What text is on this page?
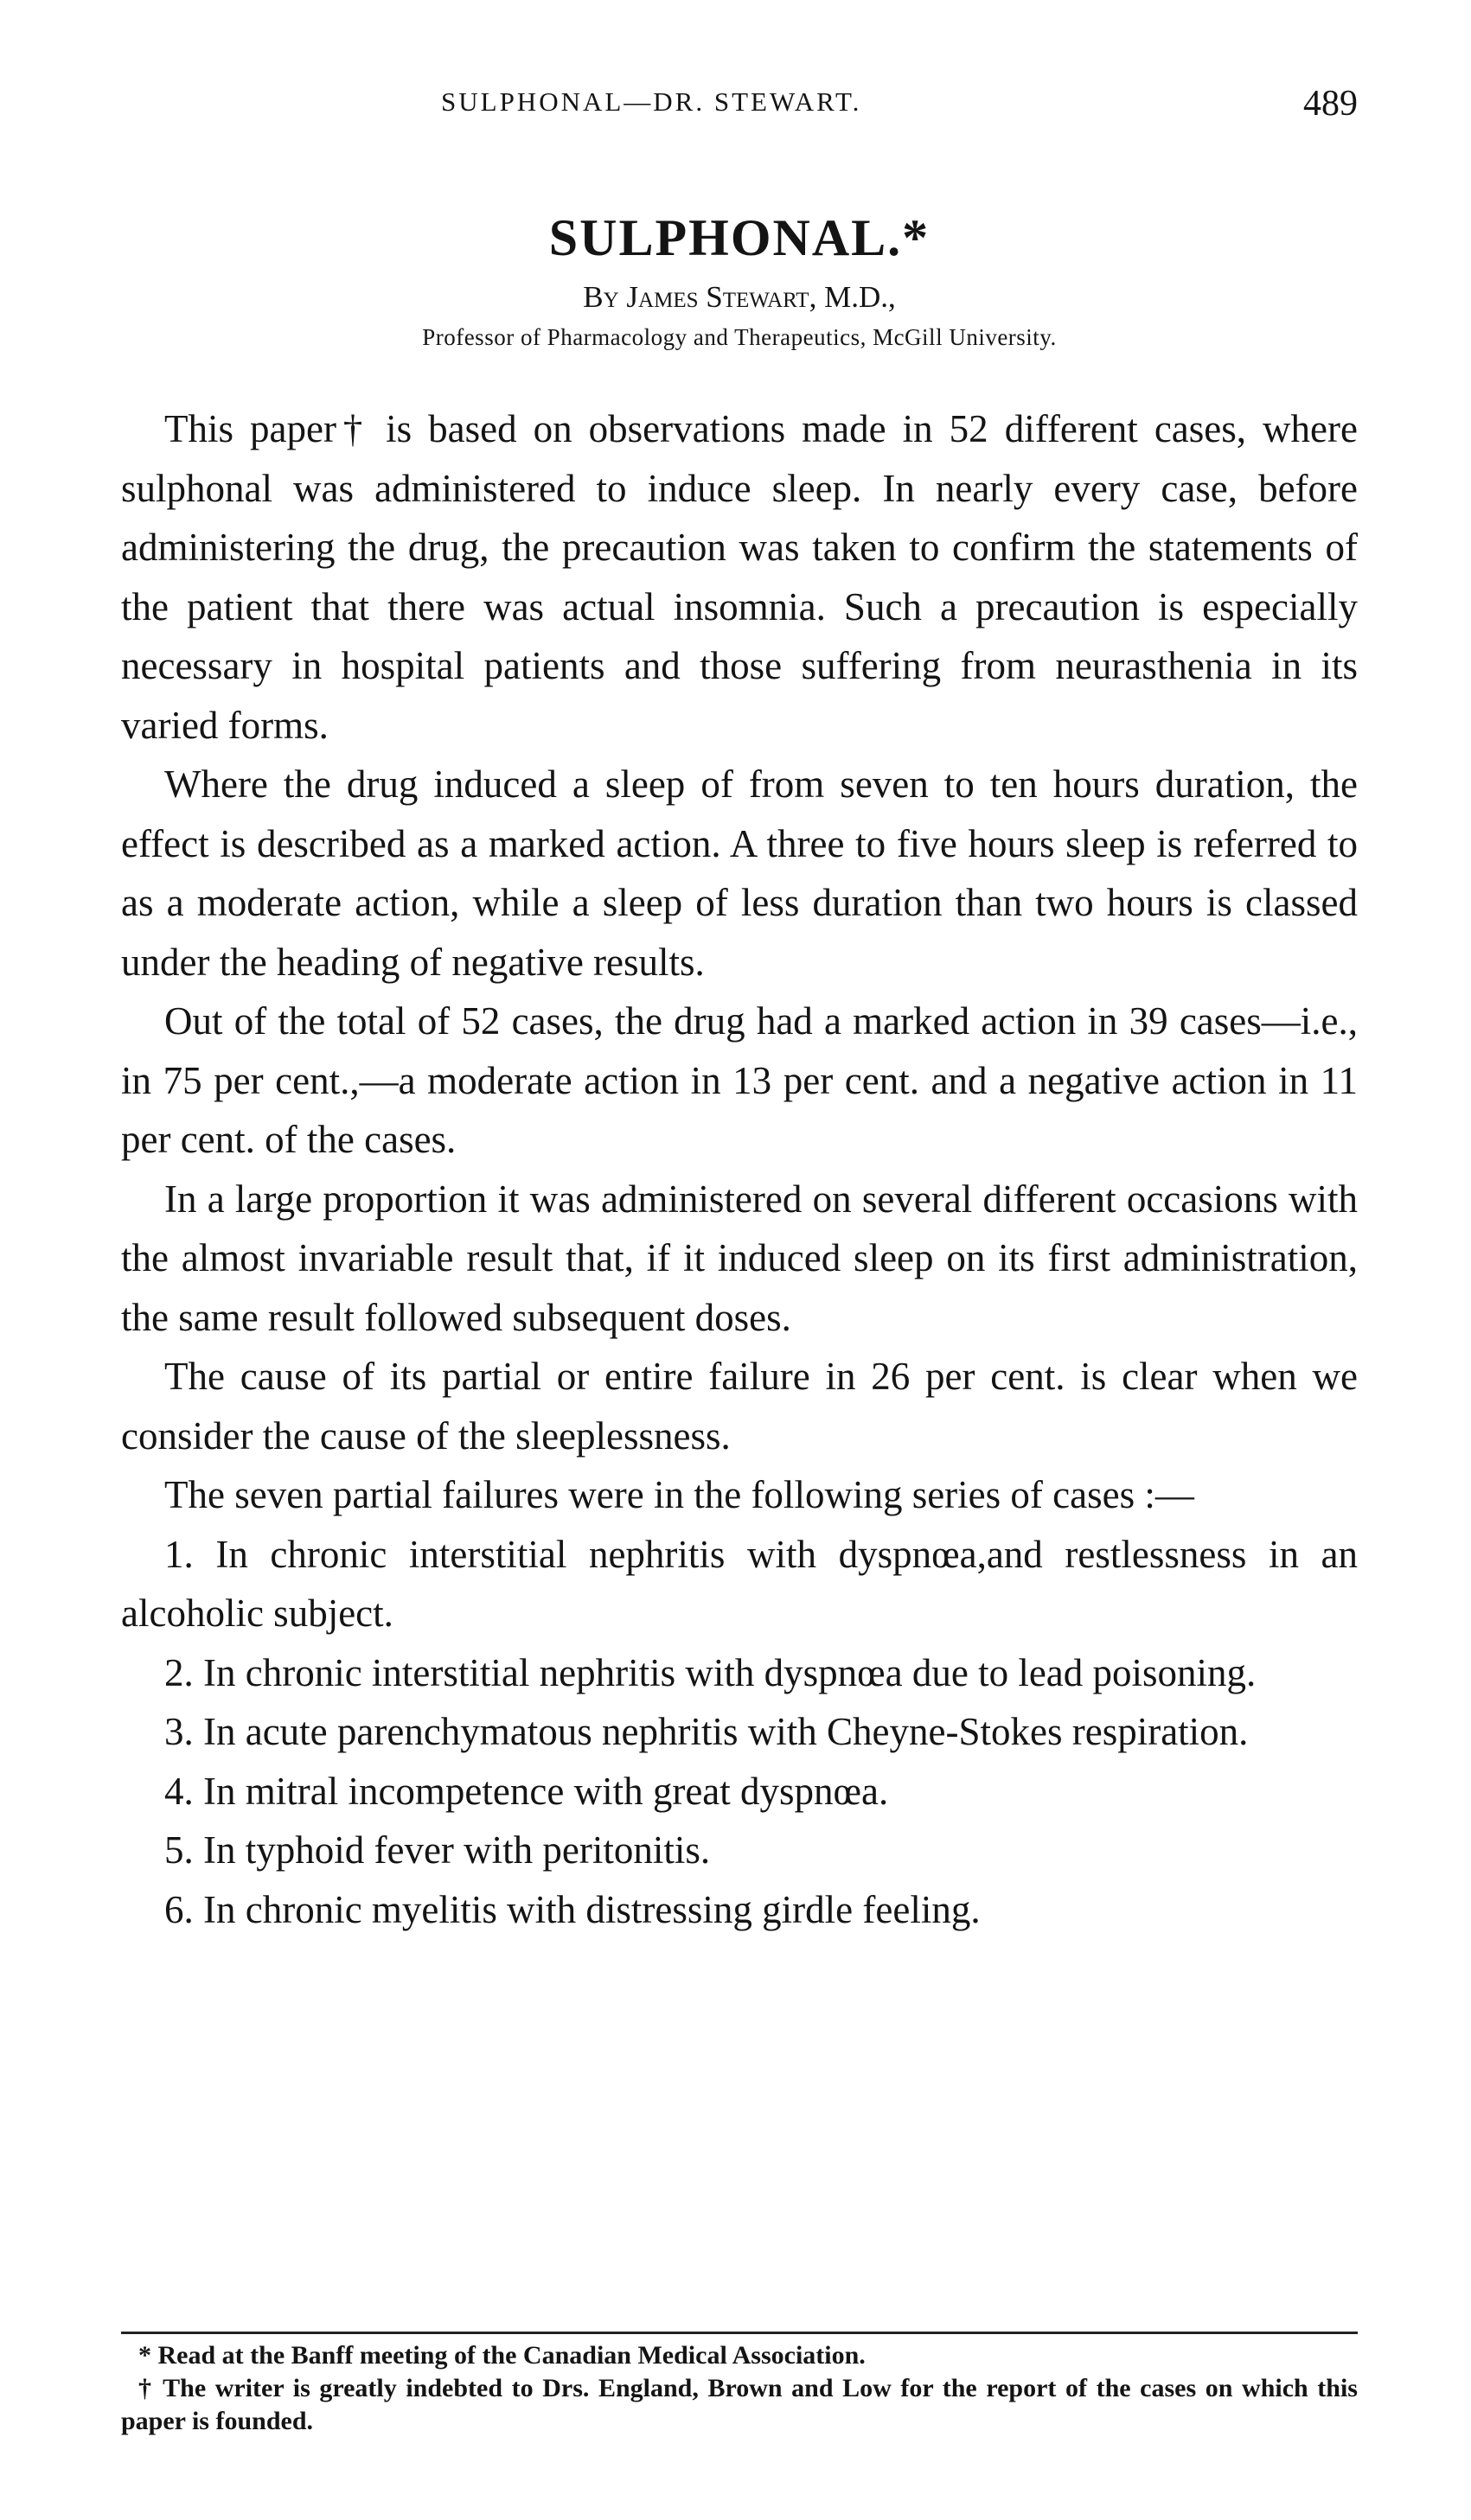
SULPHONAL—DR. STEWART.	489
SULPHONAL.*
By James Stewart, M.D.,
Professor of Pharmacology and Therapeutics, McGill University.

This paper† is based on observations made in 52 different cases, where sulphonal was administered to induce sleep. In nearly every case, before administering the drug, the precaution was taken to confirm the statements of the patient that there was actual insomnia. Such a precaution is especially necessary in hospital patients and those suffering from neurasthenia in its varied forms.

Where the drug induced a sleep of from seven to ten hours duration, the effect is described as a marked action. A three to five hours sleep is referred to as a moderate action, while a sleep of less duration than two hours is classed under the heading of negative results.

Out of the total of 52 cases, the drug had a marked action in 39 cases—i.e., in 75 per cent.,—a moderate action in 13 per cent. and a negative action in 11 per cent. of the cases.

In a large proportion it was administered on several different occasions with the almost invariable result that, if it induced sleep on its first administration, the same result followed subsequent doses.

The cause of its partial or entire failure in 26 per cent. is clear when we consider the cause of the sleeplessness.

The seven partial failures were in the following series of cases :—

1. In chronic interstitial nephritis with dyspnœa,and restlessness in an alcoholic subject.

2. In chronic interstitial nephritis with dyspnœa due to lead poisoning.

3. In acute parenchymatous nephritis with Cheyne-Stokes respiration.

4. In mitral incompetence with great dyspnœa.

5. In typhoid fever with peritonitis.

6. In chronic myelitis with distressing girdle feeling.

* Read at the Banff meeting of the Canadian Medical Association.

† The writer is greatly indebted to Drs. England, Brown and Low for the report of the cases on which this paper is founded.
